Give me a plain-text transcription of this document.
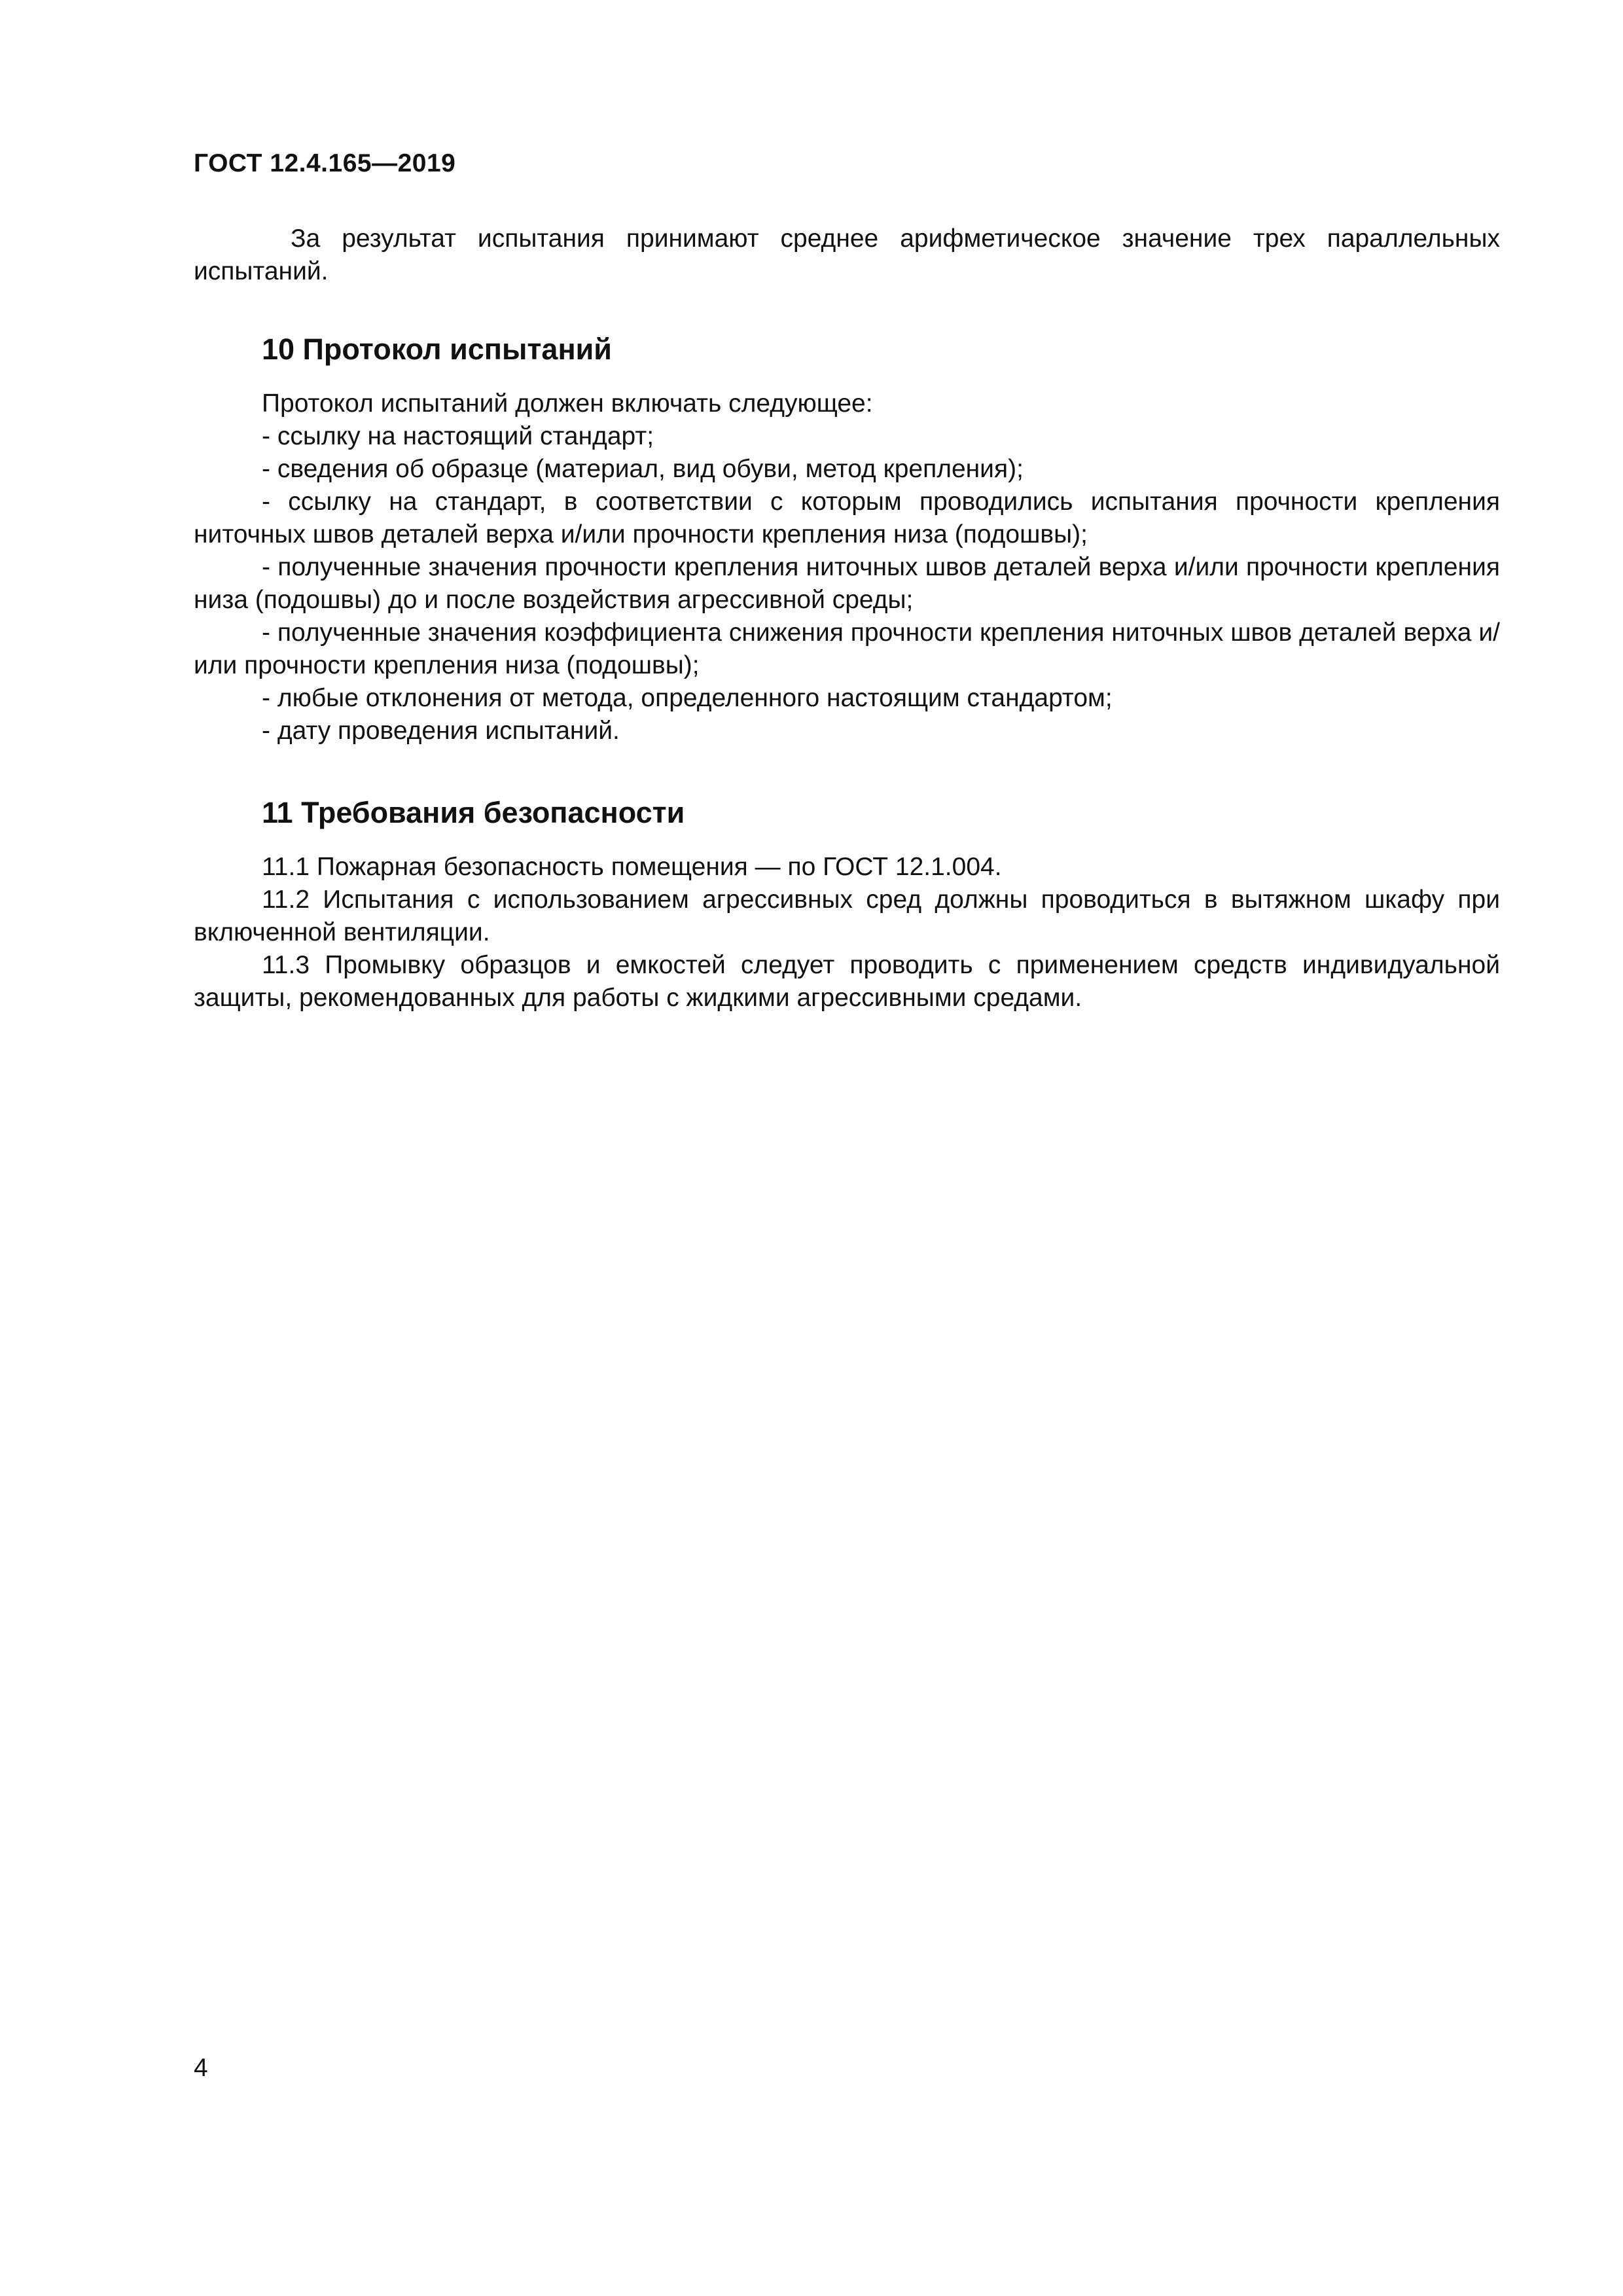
ГОСТ 12.4.165—2019

За результат испытания принимают среднее арифметическое значение трех параллельных испытаний.

10 Протокол испытаний

Протокол испытаний должен включать следующее:

- ссылку на настоящий стандарт;

- сведения об образце (материал, вид обуви, метод крепления);

- ссылку на стандарт, в соответствии с которым проводились испытания прочности крепления ниточных швов деталей верха и/или прочности крепления низа (подошвы);

- полученные значения прочности крепления ниточных швов деталей верха и/или прочности крепления низа (подошвы) до и после воздействия агрессивной среды;

- полученные значения коэффициента снижения прочности крепления ниточных швов деталей верха и/или прочности крепления низа (подошвы);

- любые отклонения от метода, определенного настоящим стандартом;

- дату проведения испытаний.

11 Требования безопасности

11.1 Пожарная безопасность помещения — по ГОСТ 12.1.004.

11.2 Испытания с использованием агрессивных сред должны проводиться в вытяжном шкафу при включенной вентиляции.

11.3 Промывку образцов и емкостей следует проводить с применением средств индивидуальной защиты, рекомендованных для работы с жидкими агрессивными средами.

4
